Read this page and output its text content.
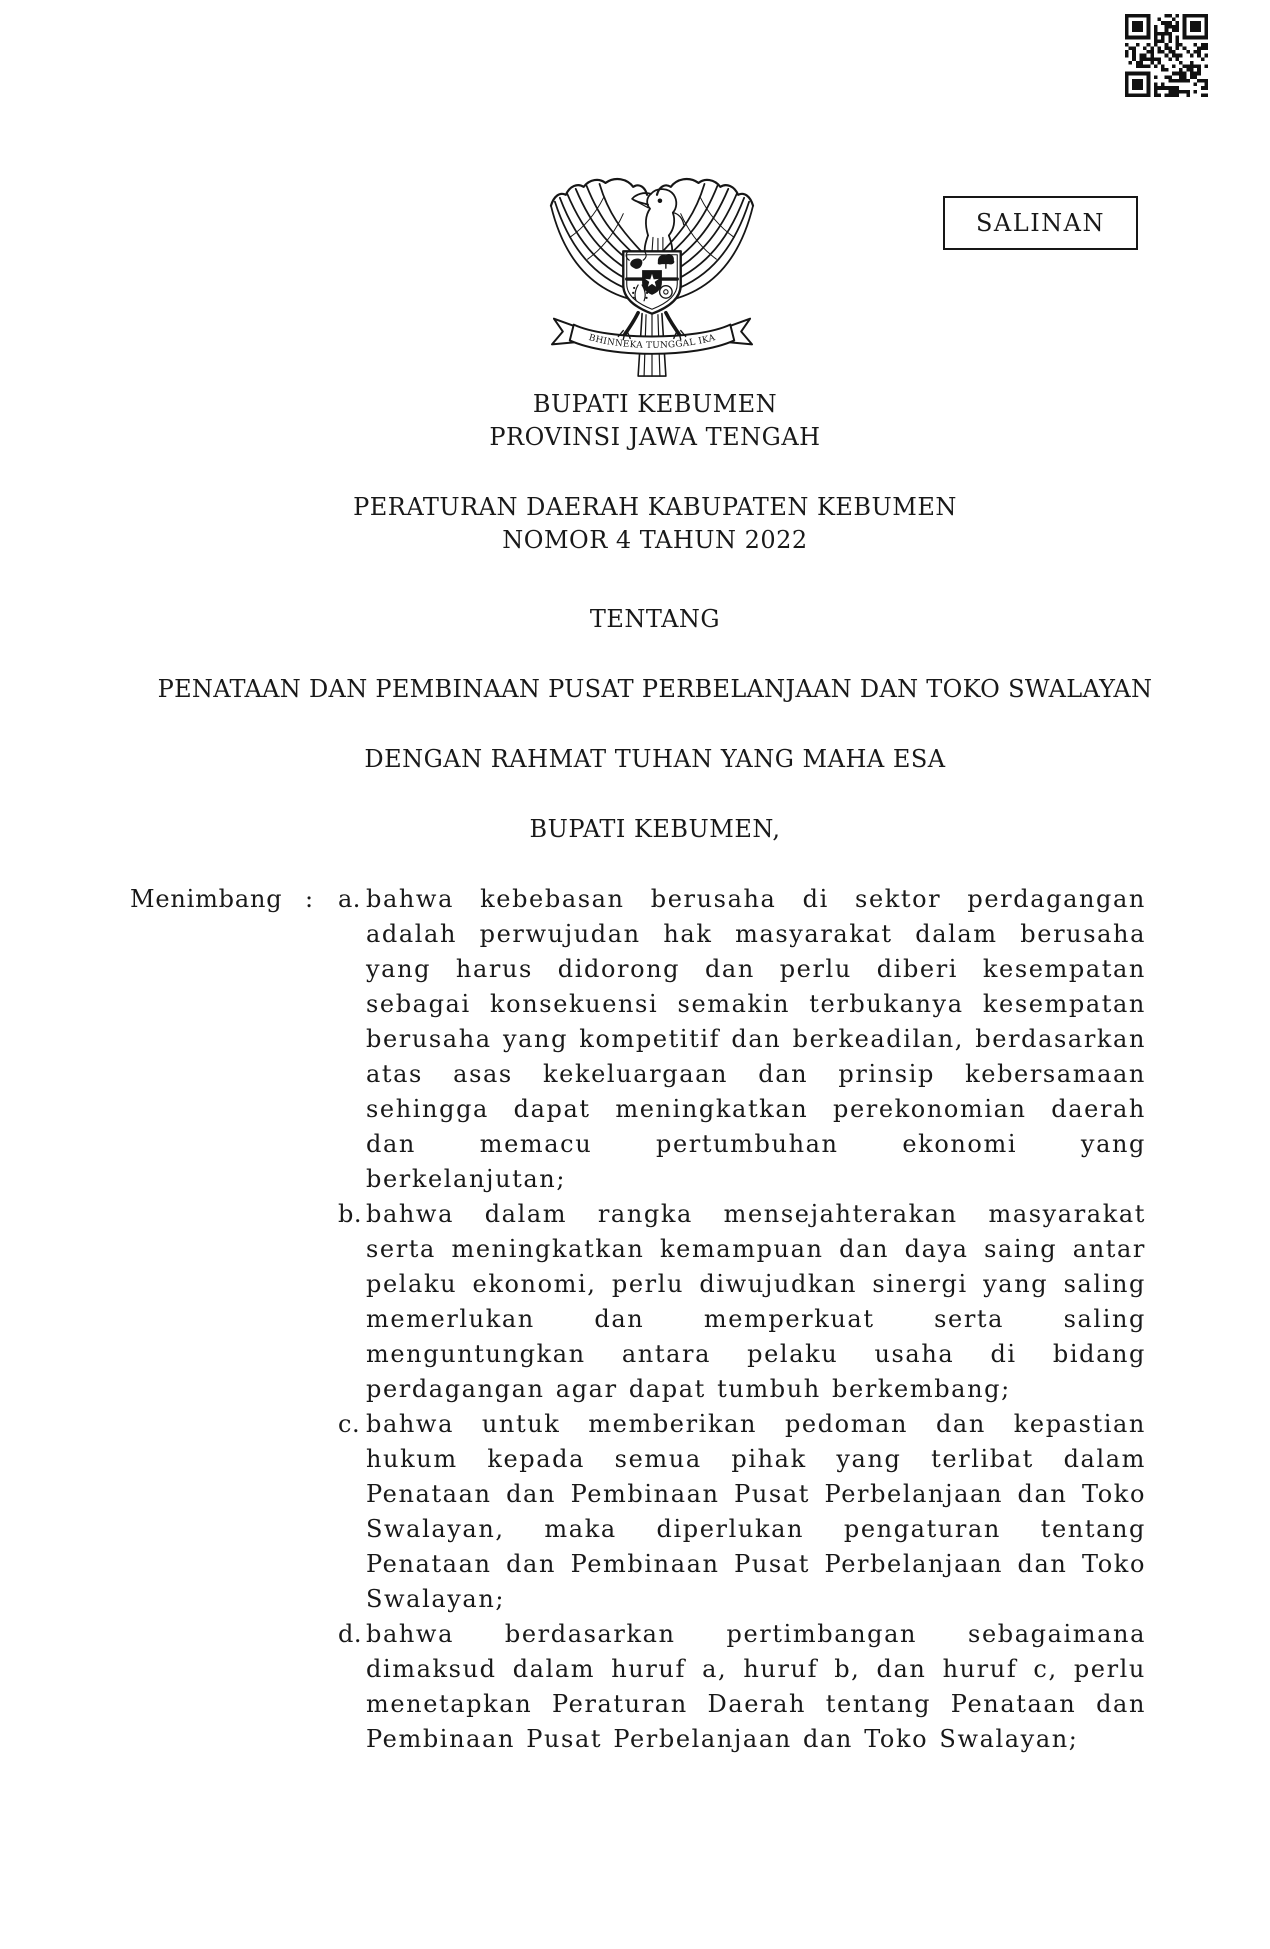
SALINAN
BHINNEKA TUNGGAL IKA
BUPATI KEBUMEN
PROVINSI JAWA TENGAH
PERATURAN DAERAH KABUPATEN KEBUMEN
NOMOR 4 TAHUN 2022
TENTANG
PENATAAN DAN PEMBINAAN PUSAT PERBELANJAAN DAN TOKO SWALAYAN
DENGAN RAHMAT TUHAN YANG MAHA ESA
BUPATI KEBUMEN,
Menimbang :	a. bahwa kebebasan berusaha di sektor perdagangan adalah perwujudan hak masyarakat dalam berusaha yang harus didorong dan perlu diberi kesempatan sebagai konsekuensi semakin terbukanya kesempatan berusaha yang kompetitif dan berkeadilan, berdasarkan atas asas kekeluargaan dan prinsip kebersamaan sehingga dapat meningkatkan perekonomian daerah dan memacu pertumbuhan ekonomi yang berkelanjutan;
b. bahwa dalam rangka mensejahterakan masyarakat serta meningkatkan kemampuan dan daya saing antar pelaku ekonomi, perlu diwujudkan sinergi yang saling memerlukan dan memperkuat serta saling menguntungkan antara pelaku usaha di bidang perdagangan agar dapat tumbuh berkembang;
c. bahwa untuk memberikan pedoman dan kepastian hukum kepada semua pihak yang terlibat dalam Penataan dan Pembinaan Pusat Perbelanjaan dan Toko Swalayan, maka diperlukan pengaturan tentang Penataan dan Pembinaan Pusat Perbelanjaan dan Toko Swalayan;
d. bahwa berdasarkan pertimbangan sebagaimana dimaksud dalam huruf a, huruf b, dan huruf c, perlu menetapkan Peraturan Daerah tentang Penataan dan Pembinaan Pusat Perbelanjaan dan Toko Swalayan;
